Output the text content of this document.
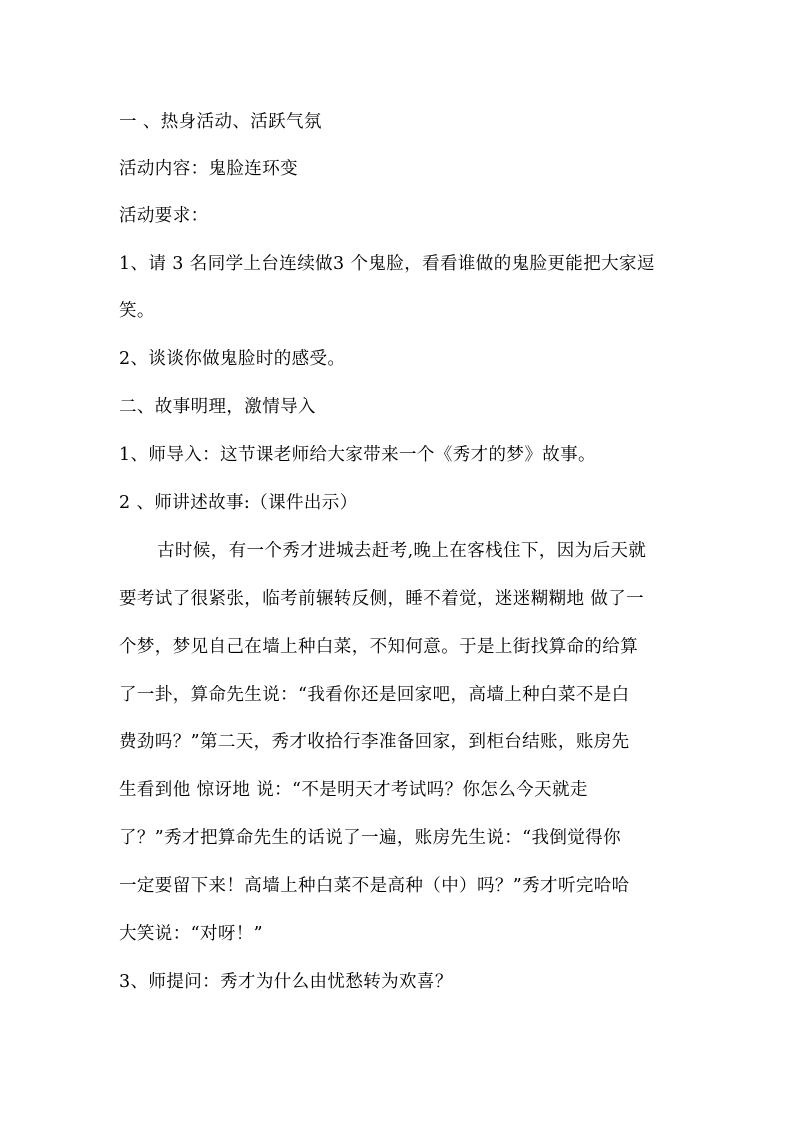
一 、热身活动、活跃气氛
活动内容：鬼脸连环变
活动要求：
1、请 3 名同学上台连续做3 个鬼脸，看看谁做的鬼脸更能把大家逗
笑。
2、谈谈你做鬼脸时的感受。
二、故事明理，激情导入
1、师导入：这节课老师给大家带来一个《秀才的梦》故事。
2 、师讲述故事:（课件出示）
古时候，有一个秀才进城去赶考,晚上在客栈住下，因为后天就
要考试了很紧张，临考前辗转反侧，睡不着觉，迷迷糊糊地 做了一
个梦，梦见自己在墙上种白菜，不知何意。于是上街找算命的给算
了一卦，算命先生说：“我看你还是回家吧，高墙上种白菜不是白
费劲吗？”第二天，秀才收拾行李准备回家，到柜台结账，账房先
生看到他 惊讶地 说：“不是明天才考试吗？你怎么今天就走
了？”秀才把算命先生的话说了一遍，账房先生说：“我倒觉得你
一定要留下来！高墙上种白菜不是高种（中）吗？”秀才听完哈哈
大笑说：“对呀！”
3、师提问：秀才为什么由忧愁转为欢喜？
